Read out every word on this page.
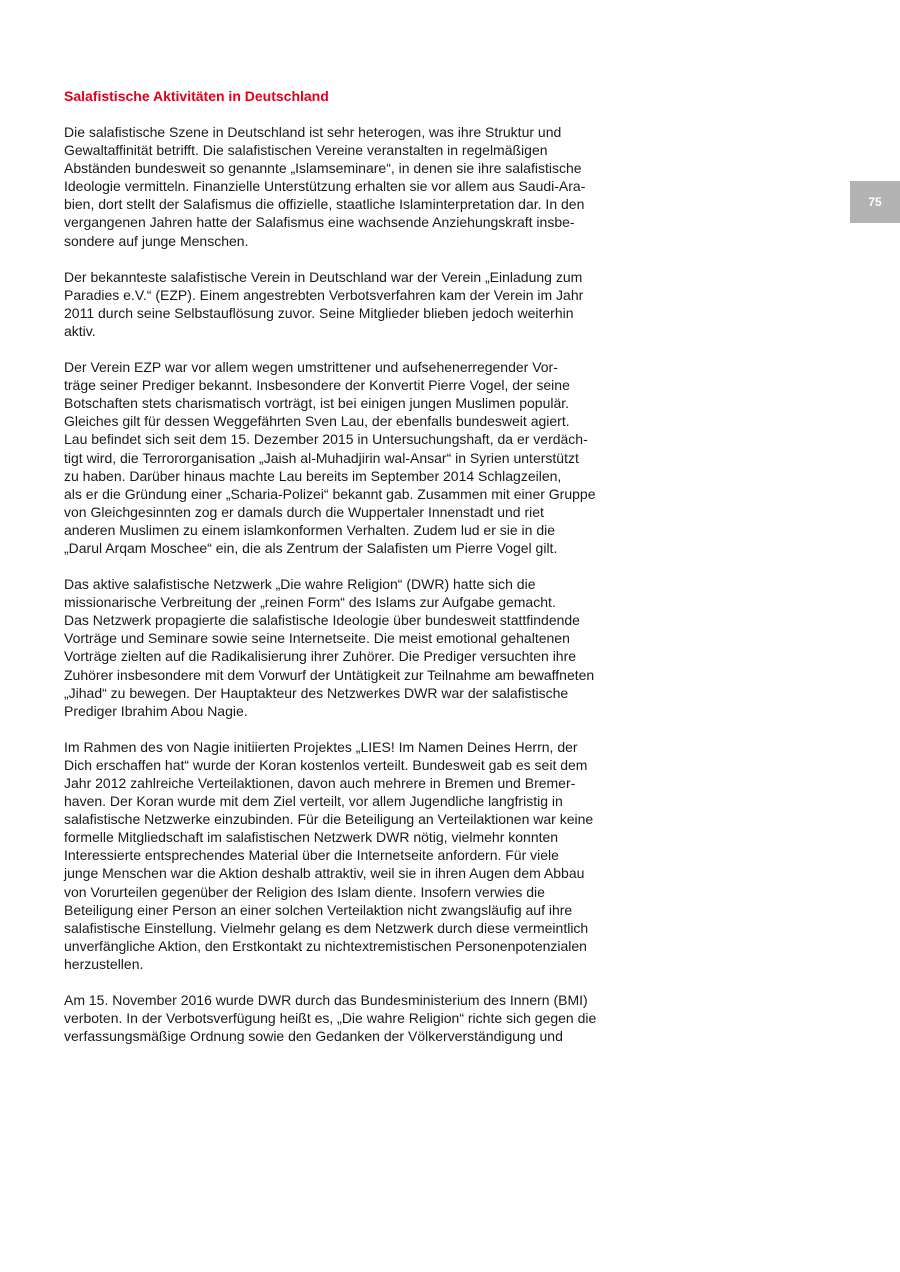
75
Salafistische Aktivitäten in Deutschland

Die salafistische Szene in Deutschland ist sehr heterogen, was ihre Struktur und
Gewaltaffinität betrifft. Die salafistischen Vereine veranstalten in regelmäßigen
Abständen bundesweit so genannte „Islamseminare“, in denen sie ihre salafistische
Ideologie vermitteln. Finanzielle Unterstützung erhalten sie vor allem aus Saudi-Ara-
bien, dort stellt der Salafismus die offizielle, staatliche Islaminterpretation dar. In den
vergangenen Jahren hatte der Salafismus eine wachsende Anziehungskraft insbe-
sondere auf junge Menschen.

Der bekannteste salafistische Verein in Deutschland war der Verein „Einladung zum
Paradies e.V.“ (EZP). Einem angestrebten Verbotsverfahren kam der Verein im Jahr
2011 durch seine Selbstauflösung zuvor. Seine Mitglieder blieben jedoch weiterhin
aktiv.

Der Verein EZP war vor allem wegen umstrittener und aufsehenerregender Vor-
träge seiner Prediger bekannt. Insbesondere der Konvertit Pierre Vogel, der seine
Botschaften stets charismatisch vorträgt, ist bei einigen jungen Muslimen populär.
Gleiches gilt für dessen Weggefährten Sven Lau, der ebenfalls bundesweit agiert.
Lau befindet sich seit dem 15. Dezember 2015 in Untersuchungshaft, da er verdäch-
tigt wird, die Terrororganisation „Jaish al-Muhadjirin wal-Ansar“ in Syrien unterstützt
zu haben. Darüber hinaus machte Lau bereits im September 2014 Schlagzeilen,
als er die Gründung einer „Scharia-Polizei“ bekannt gab. Zusammen mit einer Gruppe
von Gleichgesinnten zog er damals durch die Wuppertaler Innenstadt und riet
anderen Muslimen zu einem islamkonformen Verhalten. Zudem lud er sie in die
„Darul Arqam Moschee“ ein, die als Zentrum der Salafisten um Pierre Vogel gilt.

Das aktive salafistische Netzwerk „Die wahre Religion“ (DWR) hatte sich die
missionarische Verbreitung der „reinen Form“ des Islams zur Aufgabe gemacht.
Das Netzwerk propagierte die salafistische Ideologie über bundesweit stattfindende
Vorträge und Seminare sowie seine Internetseite. Die meist emotional gehaltenen
Vorträge zielten auf die Radikalisierung ihrer Zuhörer. Die Prediger versuchten ihre
Zuhörer insbesondere mit dem Vorwurf der Untätigkeit zur Teilnahme am bewaffneten
„Jihad“ zu bewegen. Der Hauptakteur des Netzwerkes DWR war der salafistische
Prediger Ibrahim Abou Nagie.

Im Rahmen des von Nagie initiierten Projektes „LIES! Im Namen Deines Herrn, der
Dich erschaffen hat“ wurde der Koran kostenlos verteilt. Bundesweit gab es seit dem
Jahr 2012 zahlreiche Verteilaktionen, davon auch mehrere in Bremen und Bremer-
haven. Der Koran wurde mit dem Ziel verteilt, vor allem Jugendliche langfristig in
salafistische Netzwerke einzubinden. Für die Beteiligung an Verteilaktionen war keine
formelle Mitgliedschaft im salafistischen Netzwerk DWR nötig, vielmehr konnten
Interessierte entsprechendes Material über die Internetseite anfordern. Für viele
junge Menschen war die Aktion deshalb attraktiv, weil sie in ihren Augen dem Abbau
von Vorurteilen gegenüber der Religion des Islam diente. Insofern verwies die
Beteiligung einer Person an einer solchen Verteilaktion nicht zwangsläufig auf ihre
salafistische Einstellung. Vielmehr gelang es dem Netzwerk durch diese vermeintlich
unverfängliche Aktion, den Erstkontakt zu nichtextremistischen Personenpotenzialen
herzustellen.

Am 15. November 2016 wurde DWR durch das Bundesministerium des Innern (BMI)
verboten. In der Verbotsverfügung heißt es, „Die wahre Religion“ richte sich gegen die
verfassungsmäßige Ordnung sowie den Gedanken der Völkerverständigung und
